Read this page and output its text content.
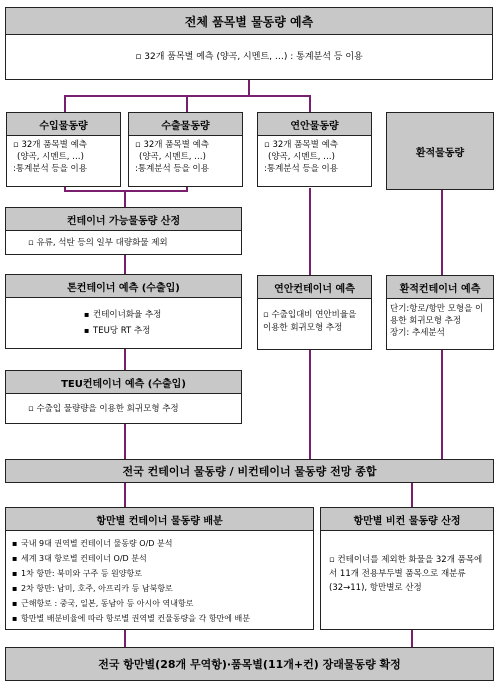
전체 품목별 물동량 예측
▫ 32개 품목별 예측 (양곡, 시멘트, …) : 통계분석 등 이용
수입물동량
▫ 32개 품목별 예측
(양곡, 시멘트, …)
:통계분석 등을 이용
수출물동량
▫ 32개 품목별 예측
(양곡, 시멘트, …)
:통계분석 등을 이용
연안물동량
▫ 32개 품목별 예측
(양곡, 시멘트, …)
:통계분석 등을 이용
환적물동량
컨테이너 가능물동량 산정
▫ 유류, 석탄 등의 일부 대량화물 제외
톤컨테이너 예측 (수출입)
▪ 컨테이너화율 추정
▪ TEU당 RT 추정
연안컨테이너 예측
▫ 수출입대비 연안비율을 이용한 회귀모형 추정
환적컨테이너 예측
단기:항로/항만 모형을 이용한 회귀모형 추정
장기: 추세분석
TEU컨테이너 예측 (수출입)
▫ 수출입 물량량을 이용한 회귀모형 추정
전국 컨테이너 물동량 / 비컨테이너 물동량 전망 종합
항만별 컨테이너 물동량 배분
▪ 국내 9대 권역별 컨테이너 물동량 O/D 분석
▪ 세계 3대 항로별 컨테이너 O/D 분석
▪ 1차 항만: 북미와 구주 등 원양항로
▪ 2차 항만: 남미, 호주, 아프리카 등 남북항로
▪ 근해항로 : 중국, 일본, 동남아 등 아시아 역내항로
▪ 항만별 배분비율에 따라 항로별 권역별 컨물동량을 각 항만에 배분
항만별 비컨 물동량 산정
▫ 컨테이너를 제외한 화물을 32개 품목에서 11개 전용부두별 품목으로 재분류(32→11), 항만별로 산정
전국 항만별(28개 무역항)·품목별(11개+컨) 장래물동량 확정
